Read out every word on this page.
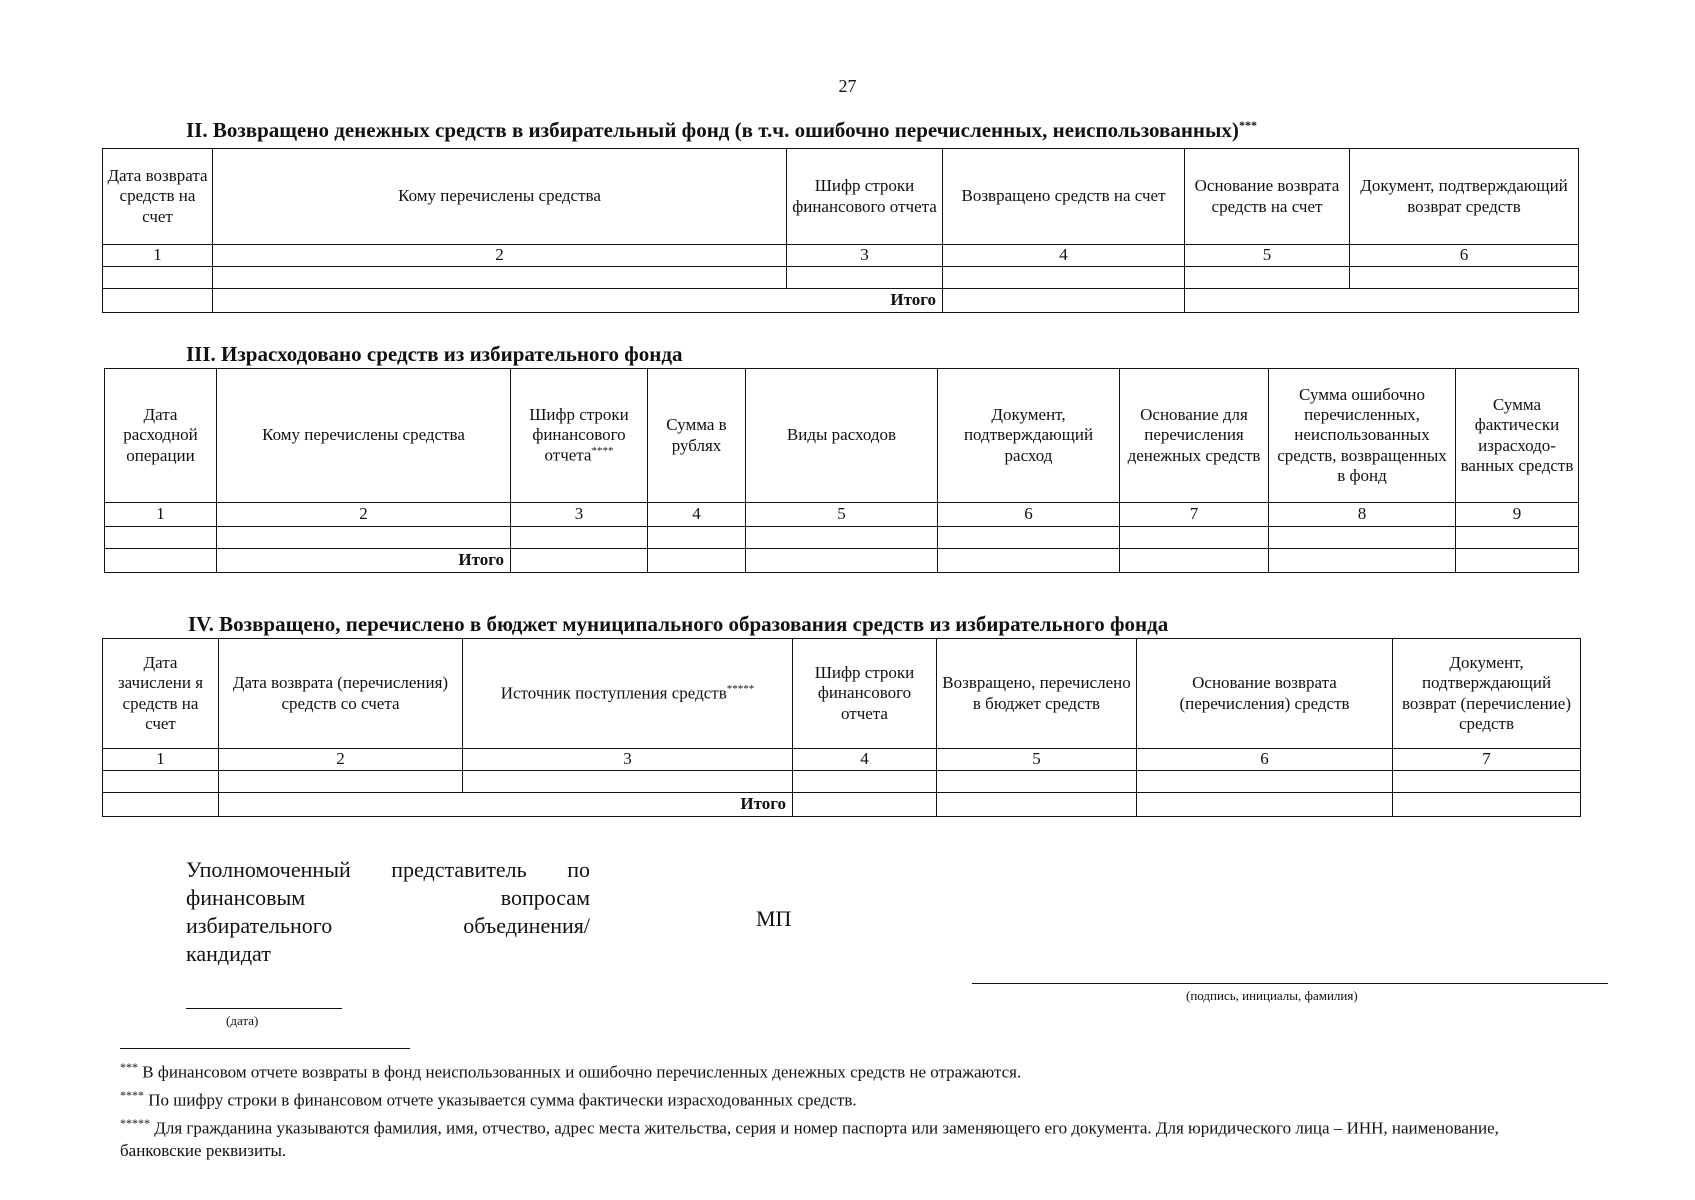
27
II. Возвращено денежных средств в избирательный фонд (в т.ч. ошибочно перечисленных, неиспользованных)***
Дата возврата средств на счет	Кому перечислены средства	Шифр строки финансового отчета	Возвращено средств на счет	Основание возврата средств на счет	Документ, подтверждающий возврат средств
1	2	3	4	5	6

	Итого				
III. Израсходовано средств из избирательного фонда
Дата расходной операции	Кому перечислены средства	Шифр строки финансового отчета****	Сумма в рублях	Виды расходов	Документ, подтверждающий расход	Основание для перечисления денежных средств	Сумма ошибочно перечисленных, неиспользованных средств, возвращенных в фонд	Сумма фактически израсходо-ванных средств
1	2	3	4	5	6	7	8	9

	Итого							
IV. Возвращено, перечислено в бюджет муниципального образования средств из избирательного фонда
Дата зачислени я средств на счет	Дата возврата (перечисления) средств со счета	Источник поступления средств*****	Шифр строки финансового отчета	Возвращено, перечислено в бюджет средств	Основание возврата (перечисления) средств	Документ, подтверждающий возврат (перечисление) средств
1	2	3	4	5	6	7

	Итого					
Уполномоченный представитель по
финансовым вопросам
избирательного объединения/
кандидат
МП
(подпись, инициалы, фамилия)
(дата)
*** В финансовом отчете возвраты в фонд неиспользованных и ошибочно перечисленных денежных средств не отражаются.
**** По шифру строки в финансовом отчете указывается сумма фактически израсходованных средств.
***** Для гражданина указываются фамилия, имя, отчество, адрес места жительства, серия и номер паспорта или заменяющего его документа. Для юридического лица – ИНН, наименование, банковские реквизиты.
